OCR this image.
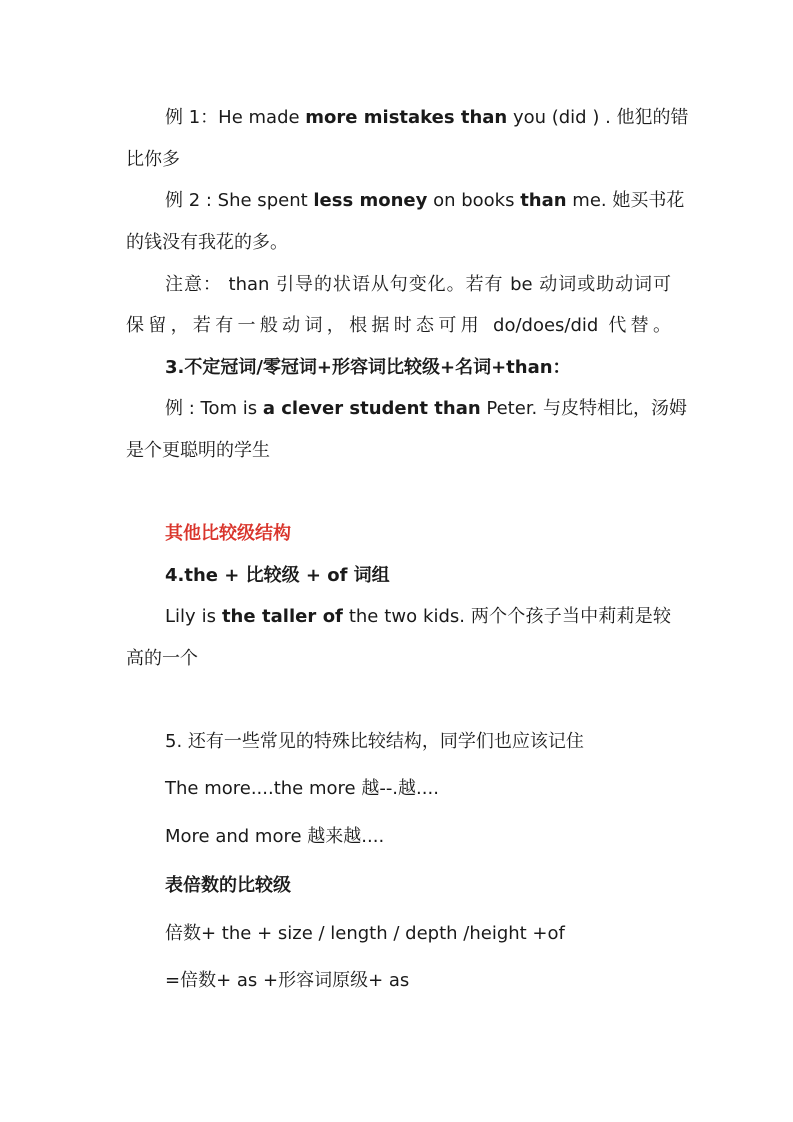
例 1：He made more mistakes than you (did ) . 他犯的错
比你多
例 2 : She spent less money on books than me. 她买书花
的钱没有我花的多。
注意： than 引导的状语从句变化。若有 be 动词或助动词可
保留，若有一般动词，根据时态可用 do/does/did 代替。
3.不定冠词/零冠词+形容词比较级+名词+than：
例 : Tom is a clever student than Peter. 与皮特相比，汤姆
是个更聪明的学生
其他比较级结构
4.the + 比较级 + of 词组
Lily is the taller of the two kids. 两个个孩子当中莉莉是较
高的一个
5. 还有一些常见的特殊比较结构，同学们也应该记住
The more....the more 越--.越....
More and more 越来越....
表倍数的比较级
倍数+ the + size / length / depth /height +of
=倍数+ as +形容词原级+ as
